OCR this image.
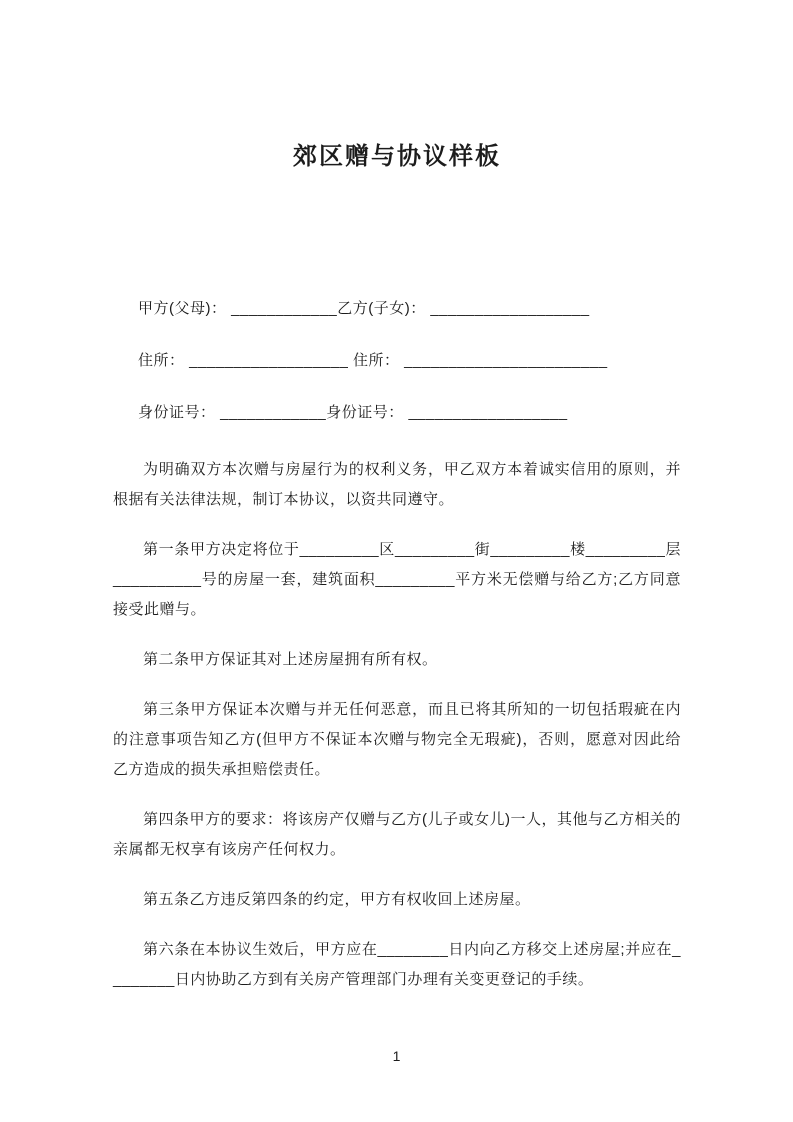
郊区赠与协议样板

甲方(父母)： ____________乙方(子女)： __________________

住所： __________________ 住所： _______________________

身份证号： ____________身份证号： __________________

为明确双方本次赠与房屋行为的权利义务，甲乙双方本着诚实信用的原则，并根据有关法律法规，制订本协议，以资共同遵守。

第一条甲方决定将位于_________区_________街_________楼_________层__________号的房屋一套，建筑面积_________平方米无偿赠与给乙方;乙方同意接受此赠与。

第二条甲方保证其对上述房屋拥有所有权。

第三条甲方保证本次赠与并无任何恶意，而且已将其所知的一切包括瑕疵在内的注意事项告知乙方(但甲方不保证本次赠与物完全无瑕疵)，否则，愿意对因此给乙方造成的损失承担赔偿责任。

第四条甲方的要求：将该房产仅赠与乙方(儿子或女儿)一人，其他与乙方相关的亲属都无权享有该房产任何权力。

第五条乙方违反第四条的约定，甲方有权收回上述房屋。

第六条在本协议生效后，甲方应在________日内向乙方移交上述房屋;并应在________日内协助乙方到有关房产管理部门办理有关变更登记的手续。

1
